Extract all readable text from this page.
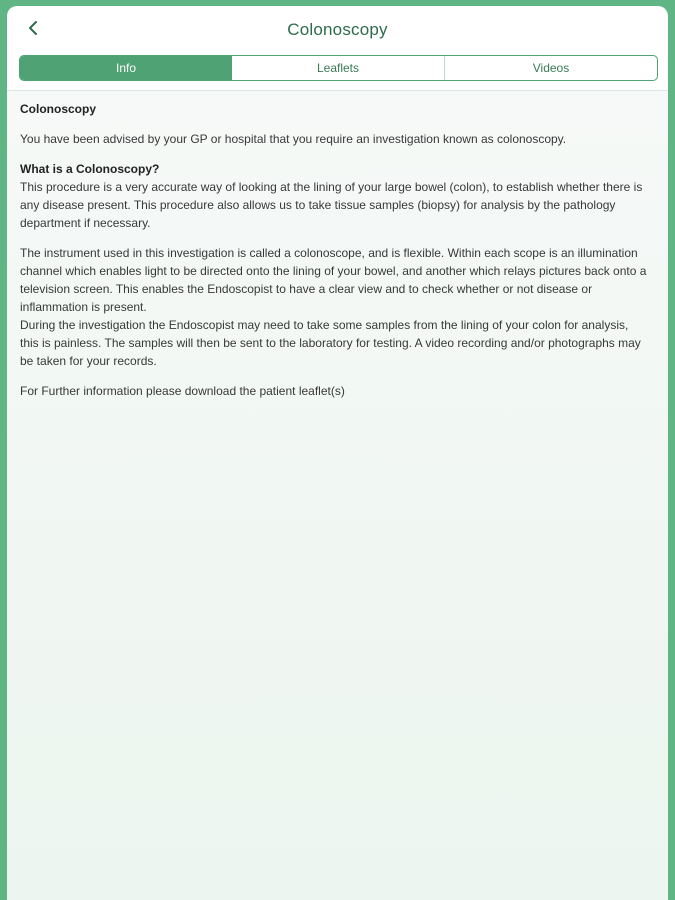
Colonoscopy
Info	Leaflets	Videos

Colonoscopy

You have been advised by your GP or hospital that you require an investigation known as colonoscopy.

What is a Colonoscopy?
This procedure is a very accurate way of looking at the lining of your large bowel (colon), to establish whether there is any disease present. This procedure also allows us to take tissue samples (biopsy) for analysis by the pathology department if necessary.

The instrument used in this investigation is called a colonoscope, and is flexible. Within each scope is an illumination channel which enables light to be directed onto the lining of your bowel, and another which relays pictures back onto a television screen. This enables the Endoscopist to have a clear view and to check whether or not disease or inflammation is present.
During the investigation the Endoscopist may need to take some samples from the lining of your colon for analysis, this is painless. The samples will then be sent to the laboratory for testing. A video recording and/or photographs may be taken for your records.

For Further information please download the patient leaflet(s)
